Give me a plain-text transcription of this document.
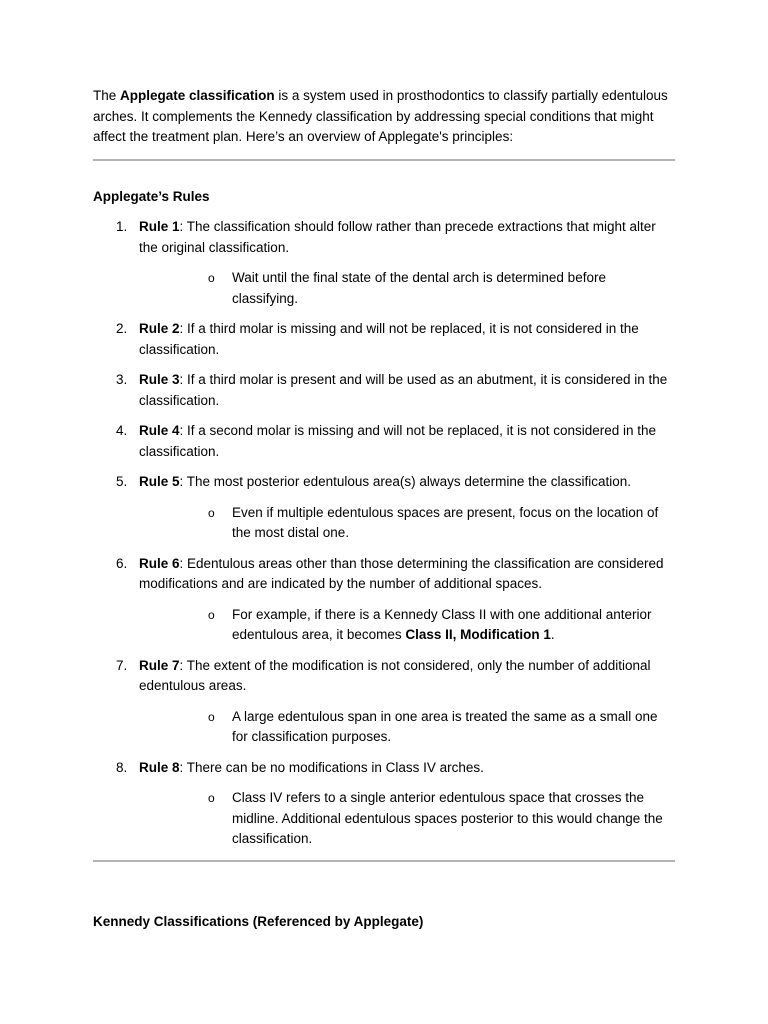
The Applegate classification is a system used in prosthodontics to classify partially edentulous arches. It complements the Kennedy classification by addressing special conditions that might affect the treatment plan. Here’s an overview of Applegate's principles:

Applegate’s Rules
1. Rule 1: The classification should follow rather than precede extractions that might alter the original classification.
o Wait until the final state of the dental arch is determined before classifying.
2. Rule 2: If a third molar is missing and will not be replaced, it is not considered in the classification.
3. Rule 3: If a third molar is present and will be used as an abutment, it is considered in the classification.
4. Rule 4: If a second molar is missing and will not be replaced, it is not considered in the classification.
5. Rule 5: The most posterior edentulous area(s) always determine the classification.
o Even if multiple edentulous spaces are present, focus on the location of the most distal one.
6. Rule 6: Edentulous areas other than those determining the classification are considered modifications and are indicated by the number of additional spaces.
o For example, if there is a Kennedy Class II with one additional anterior edentulous area, it becomes Class II, Modification 1.
7. Rule 7: The extent of the modification is not considered, only the number of additional edentulous areas.
o A large edentulous span in one area is treated the same as a small one for classification purposes.
8. Rule 8: There can be no modifications in Class IV arches.
o Class IV refers to a single anterior edentulous space that crosses the midline. Additional edentulous spaces posterior to this would change the classification.
Kennedy Classifications (Referenced by Applegate)
